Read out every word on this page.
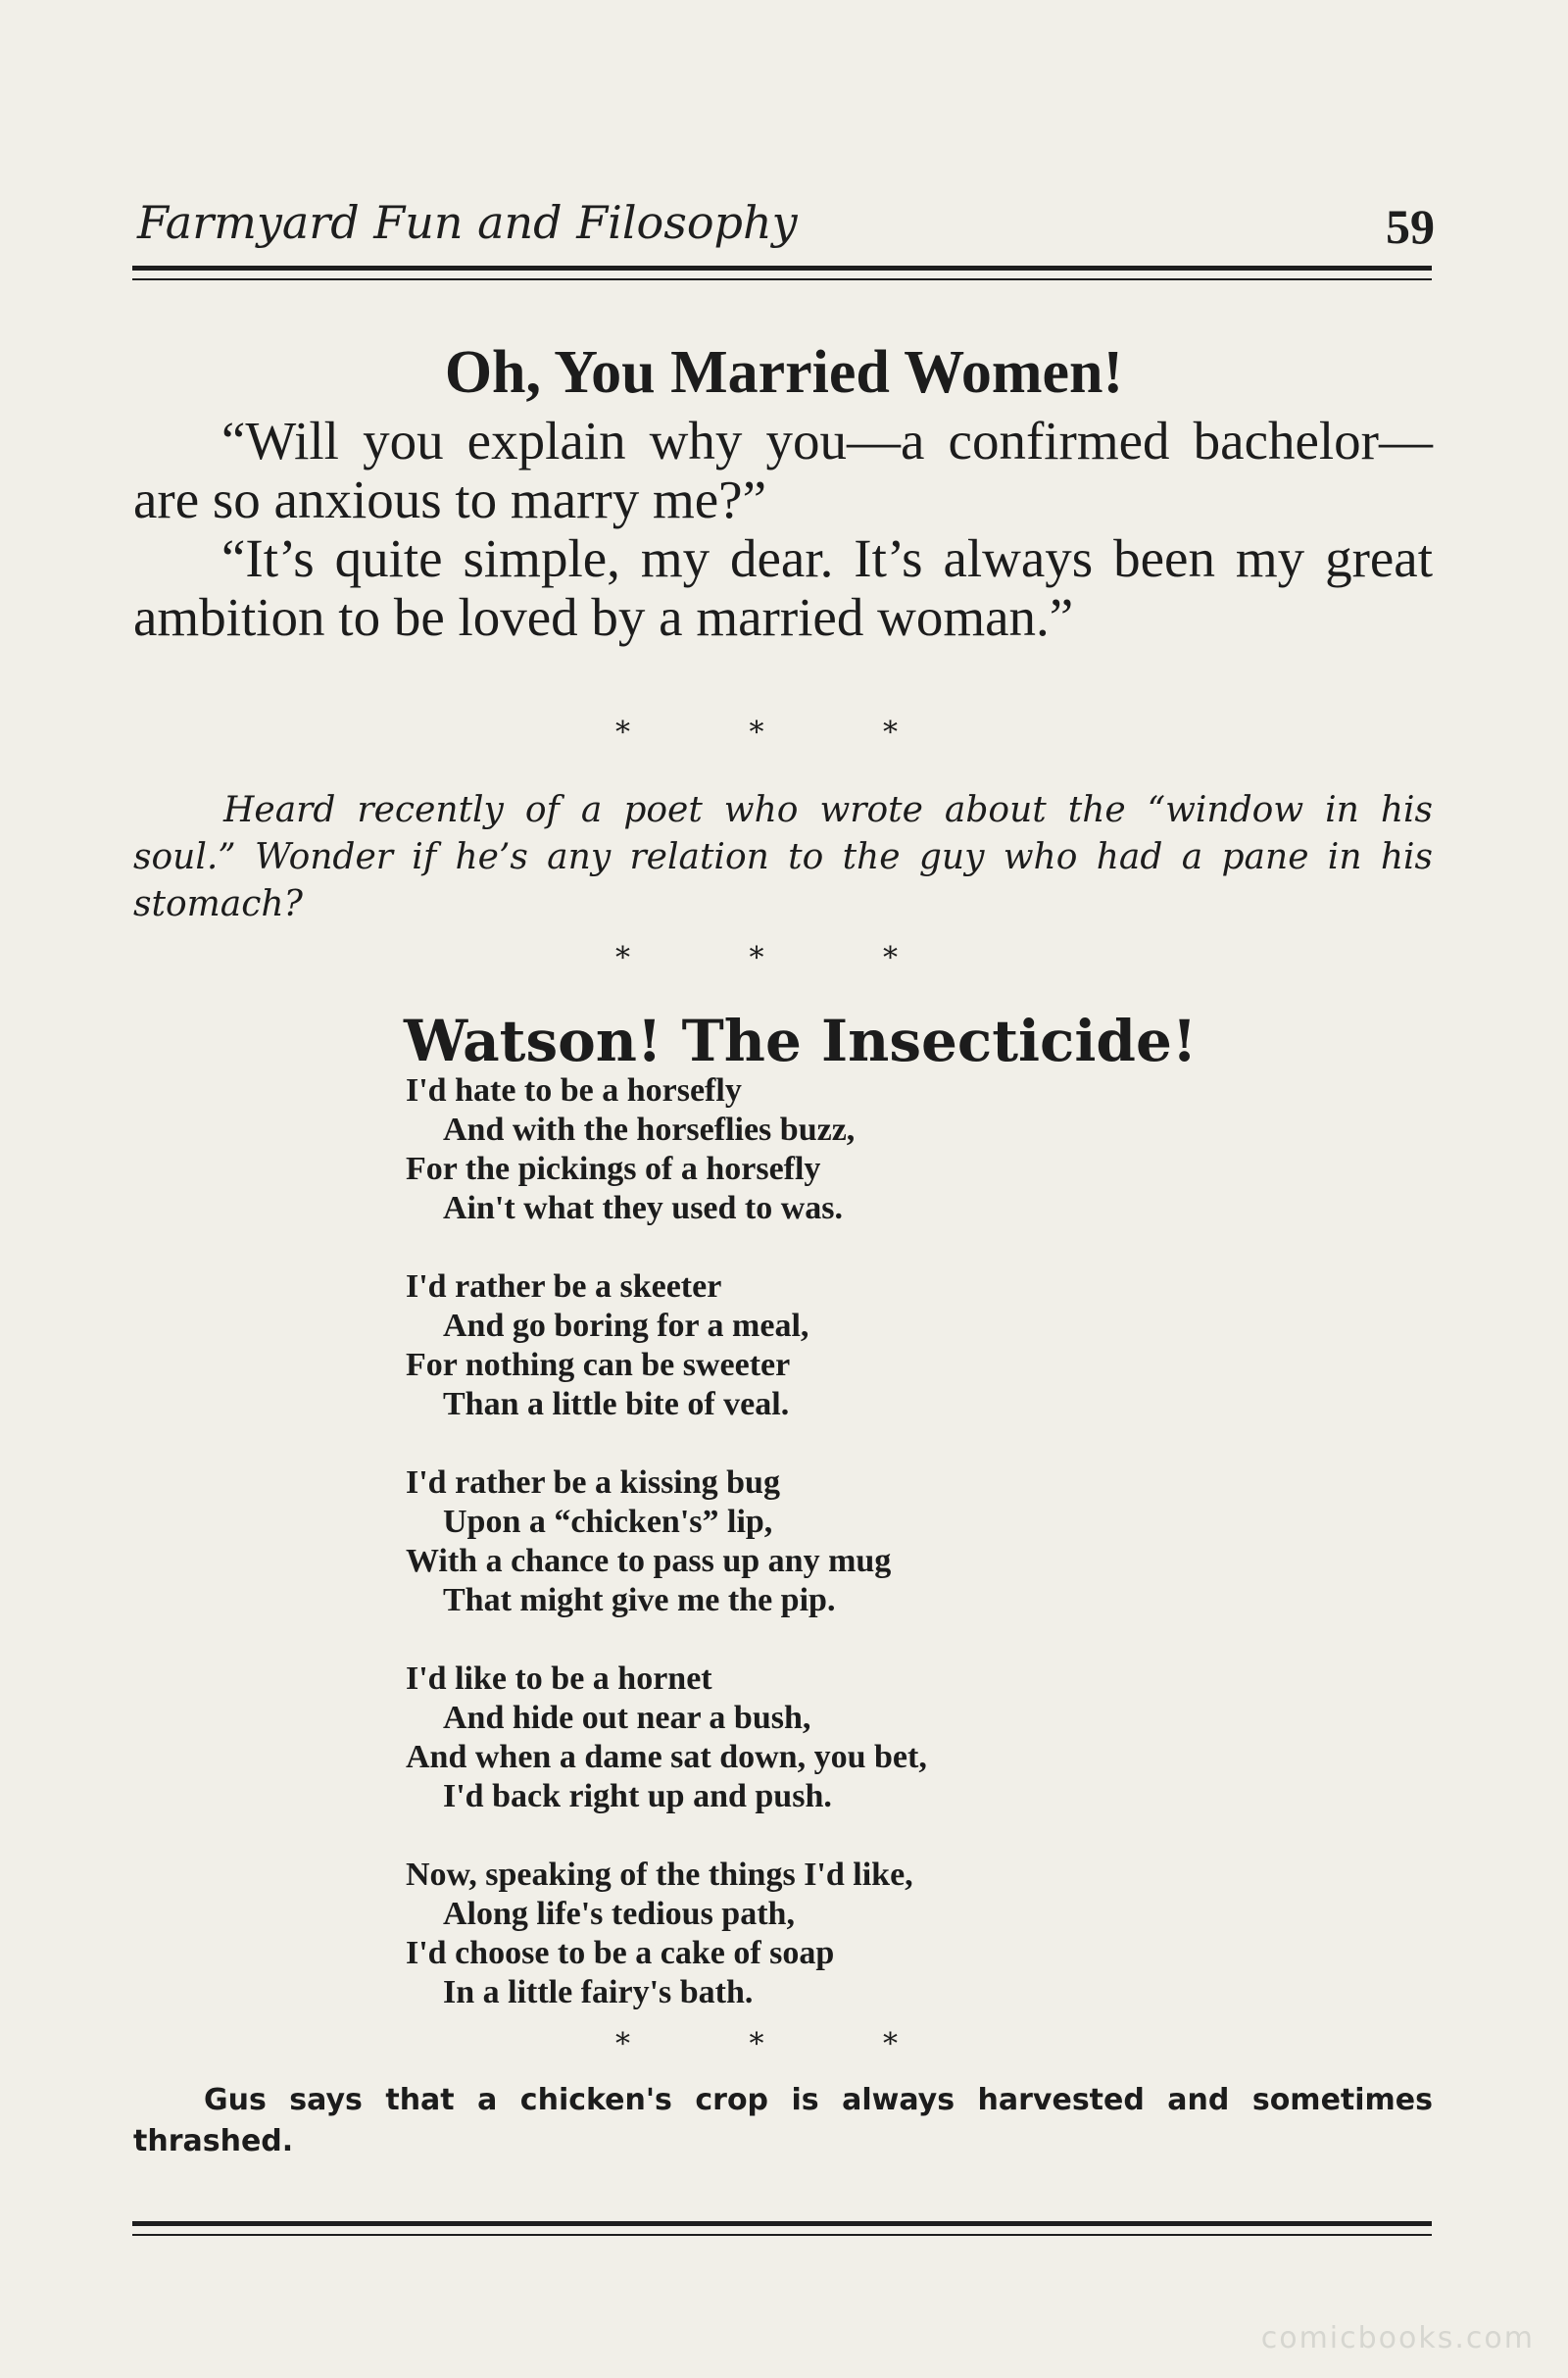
Farmyard Fun and Filosophy	59
Oh, You Married Women!

“Will you explain why you—a confirmed bachelor—are so anxious to marry me?”

“It’s quite simple, my dear. It’s always been my great ambition to be loved by a married woman.”

* * *

Heard recently of a poet who wrote about the “window in his soul.” Wonder if he’s any relation to the guy who had a pane in his stomach?

* * *
Watson! The Insecticide!
I'd hate to be a horsefly
And with the horseflies buzz,
For the pickings of a horsefly
Ain't what they used to was.
I'd rather be a skeeter
And go boring for a meal,
For nothing can be sweeter
Than a little bite of veal.
I'd rather be a kissing bug
Upon a “chicken's” lip,
With a chance to pass up any mug
That might give me the pip.
I'd like to be a hornet
And hide out near a bush,
And when a dame sat down, you bet,
I'd back right up and push.
Now, speaking of the things I'd like,
Along life's tedious path,
I'd choose to be a cake of soap
In a little fairy's bath.
* * *

Gus says that a chicken's crop is always harvested and sometimes thrashed.

comicbooks.com
